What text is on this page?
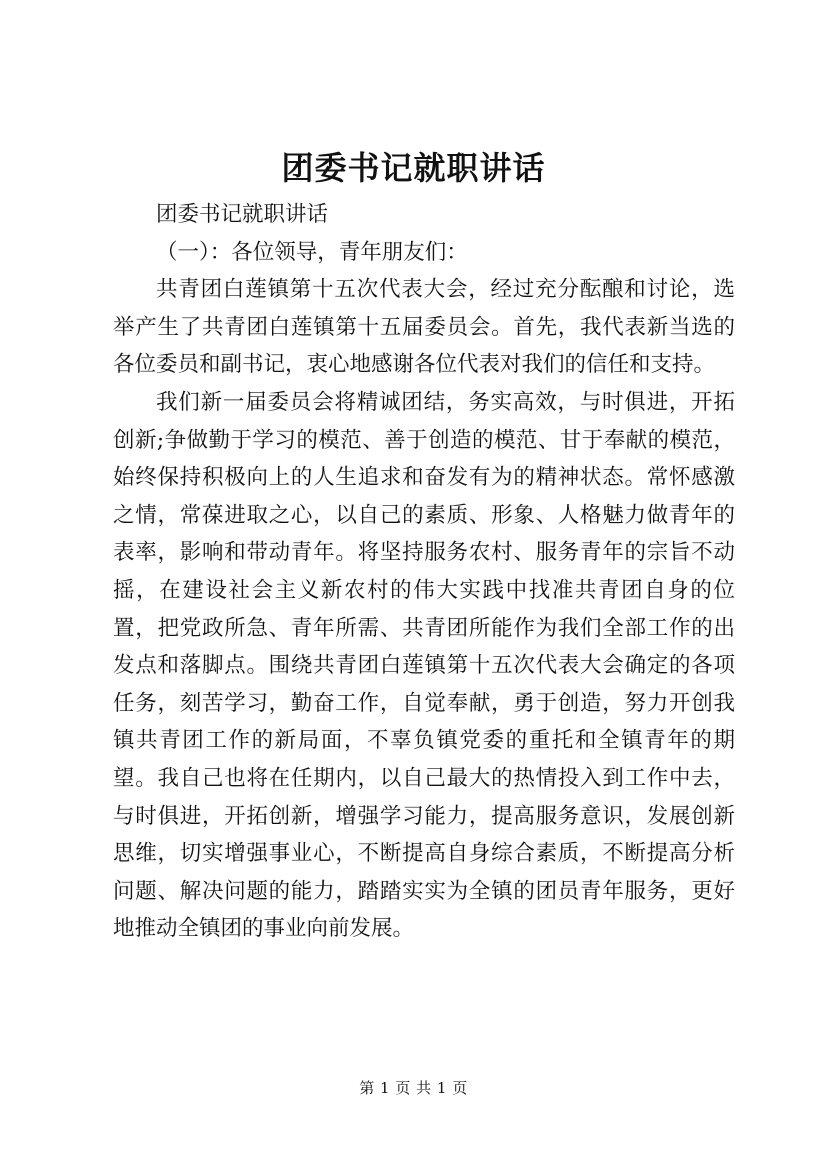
团委书记就职讲话

团委书记就职讲话

（一）：各位领导，青年朋友们：

共青团白莲镇第十五次代表大会，经过充分酝酿和讨论，选举产生了共青团白莲镇第十五届委员会。首先，我代表新当选的各位委员和副书记，衷心地感谢各位代表对我们的信任和支持。

我们新一届委员会将精诚团结，务实高效，与时俱进，开拓创新;争做勤于学习的模范、善于创造的模范、甘于奉献的模范，始终保持积极向上的人生追求和奋发有为的精神状态。常怀感激之情，常葆进取之心，以自己的素质、形象、人格魅力做青年的表率，影响和带动青年。将坚持服务农村、服务青年的宗旨不动摇，在建设社会主义新农村的伟大实践中找准共青团自身的位置，把党政所急、青年所需、共青团所能作为我们全部工作的出发点和落脚点。围绕共青团白莲镇第十五次代表大会确定的各项任务，刻苦学习，勤奋工作，自觉奉献，勇于创造，努力开创我镇共青团工作的新局面，不辜负镇党委的重托和全镇青年的期望。我自己也将在任期内，以自己最大的热情投入到工作中去，与时俱进，开拓创新，增强学习能力，提高服务意识，发展创新思维，切实增强事业心，不断提高自身综合素质，不断提高分析问题、解决问题的能力，踏踏实实为全镇的团员青年服务，更好地推动全镇团的事业向前发展。

第 1 页 共 1 页
